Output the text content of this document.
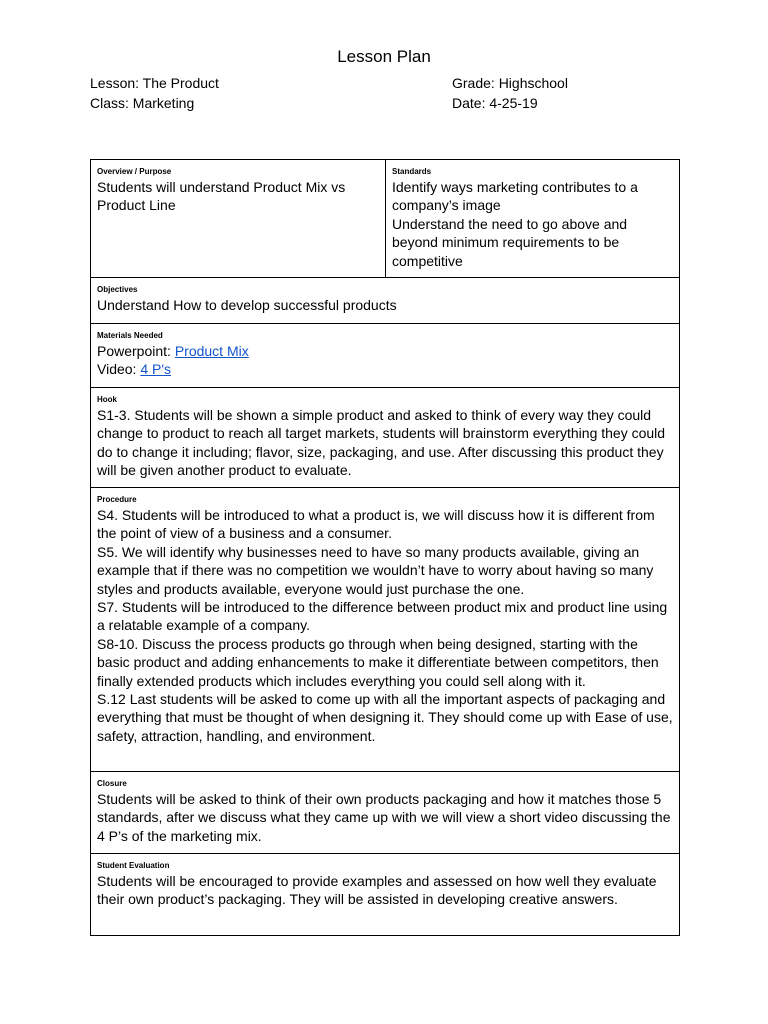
Lesson Plan
Lesson: The Product	Grade: Highschool
Class: Marketing	Date: 4-25-19
Overview / Purpose
Students will understand Product Mix vs Product Line

Standards
Identify ways marketing contributes to a company’s image
Understand the need to go above and beyond minimum requirements to be competitive

Objectives
Understand How to develop successful products

Materials Needed
Powerpoint: Product Mix
Video: 4 P's

Hook
S1-3. Students will be shown a simple product and asked to think of every way they could change to product to reach all target markets, students will brainstorm everything they could do to change it including; flavor, size, packaging, and use. After discussing this product they will be given another product to evaluate.

Procedure
S4. Students will be introduced to what a product is, we will discuss how it is different from the point of view of a business and a consumer.
S5. We will identify why businesses need to have so many products available, giving an example that if there was no competition we wouldn’t have to worry about having so many styles and products available, everyone would just purchase the one.
S7. Students will be introduced to the difference between product mix and product line using a relatable example of a company.
S8-10. Discuss the process products go through when being designed, starting with the basic product and adding enhancements to make it differentiate between competitors, then finally extended products which includes everything you could sell along with it.
S.12 Last students will be asked to come up with all the important aspects of packaging and everything that must be thought of when designing it. They should come up with Ease of use, safety, attraction, handling, and environment.

Closure
Students will be asked to think of their own products packaging and how it matches those 5 standards, after we discuss what they came up with we will view a short video discussing the 4 P’s of the marketing mix.

Student Evaluation
Students will be encouraged to provide examples and assessed on how well they evaluate their own product’s packaging. They will be assisted in developing creative answers.
